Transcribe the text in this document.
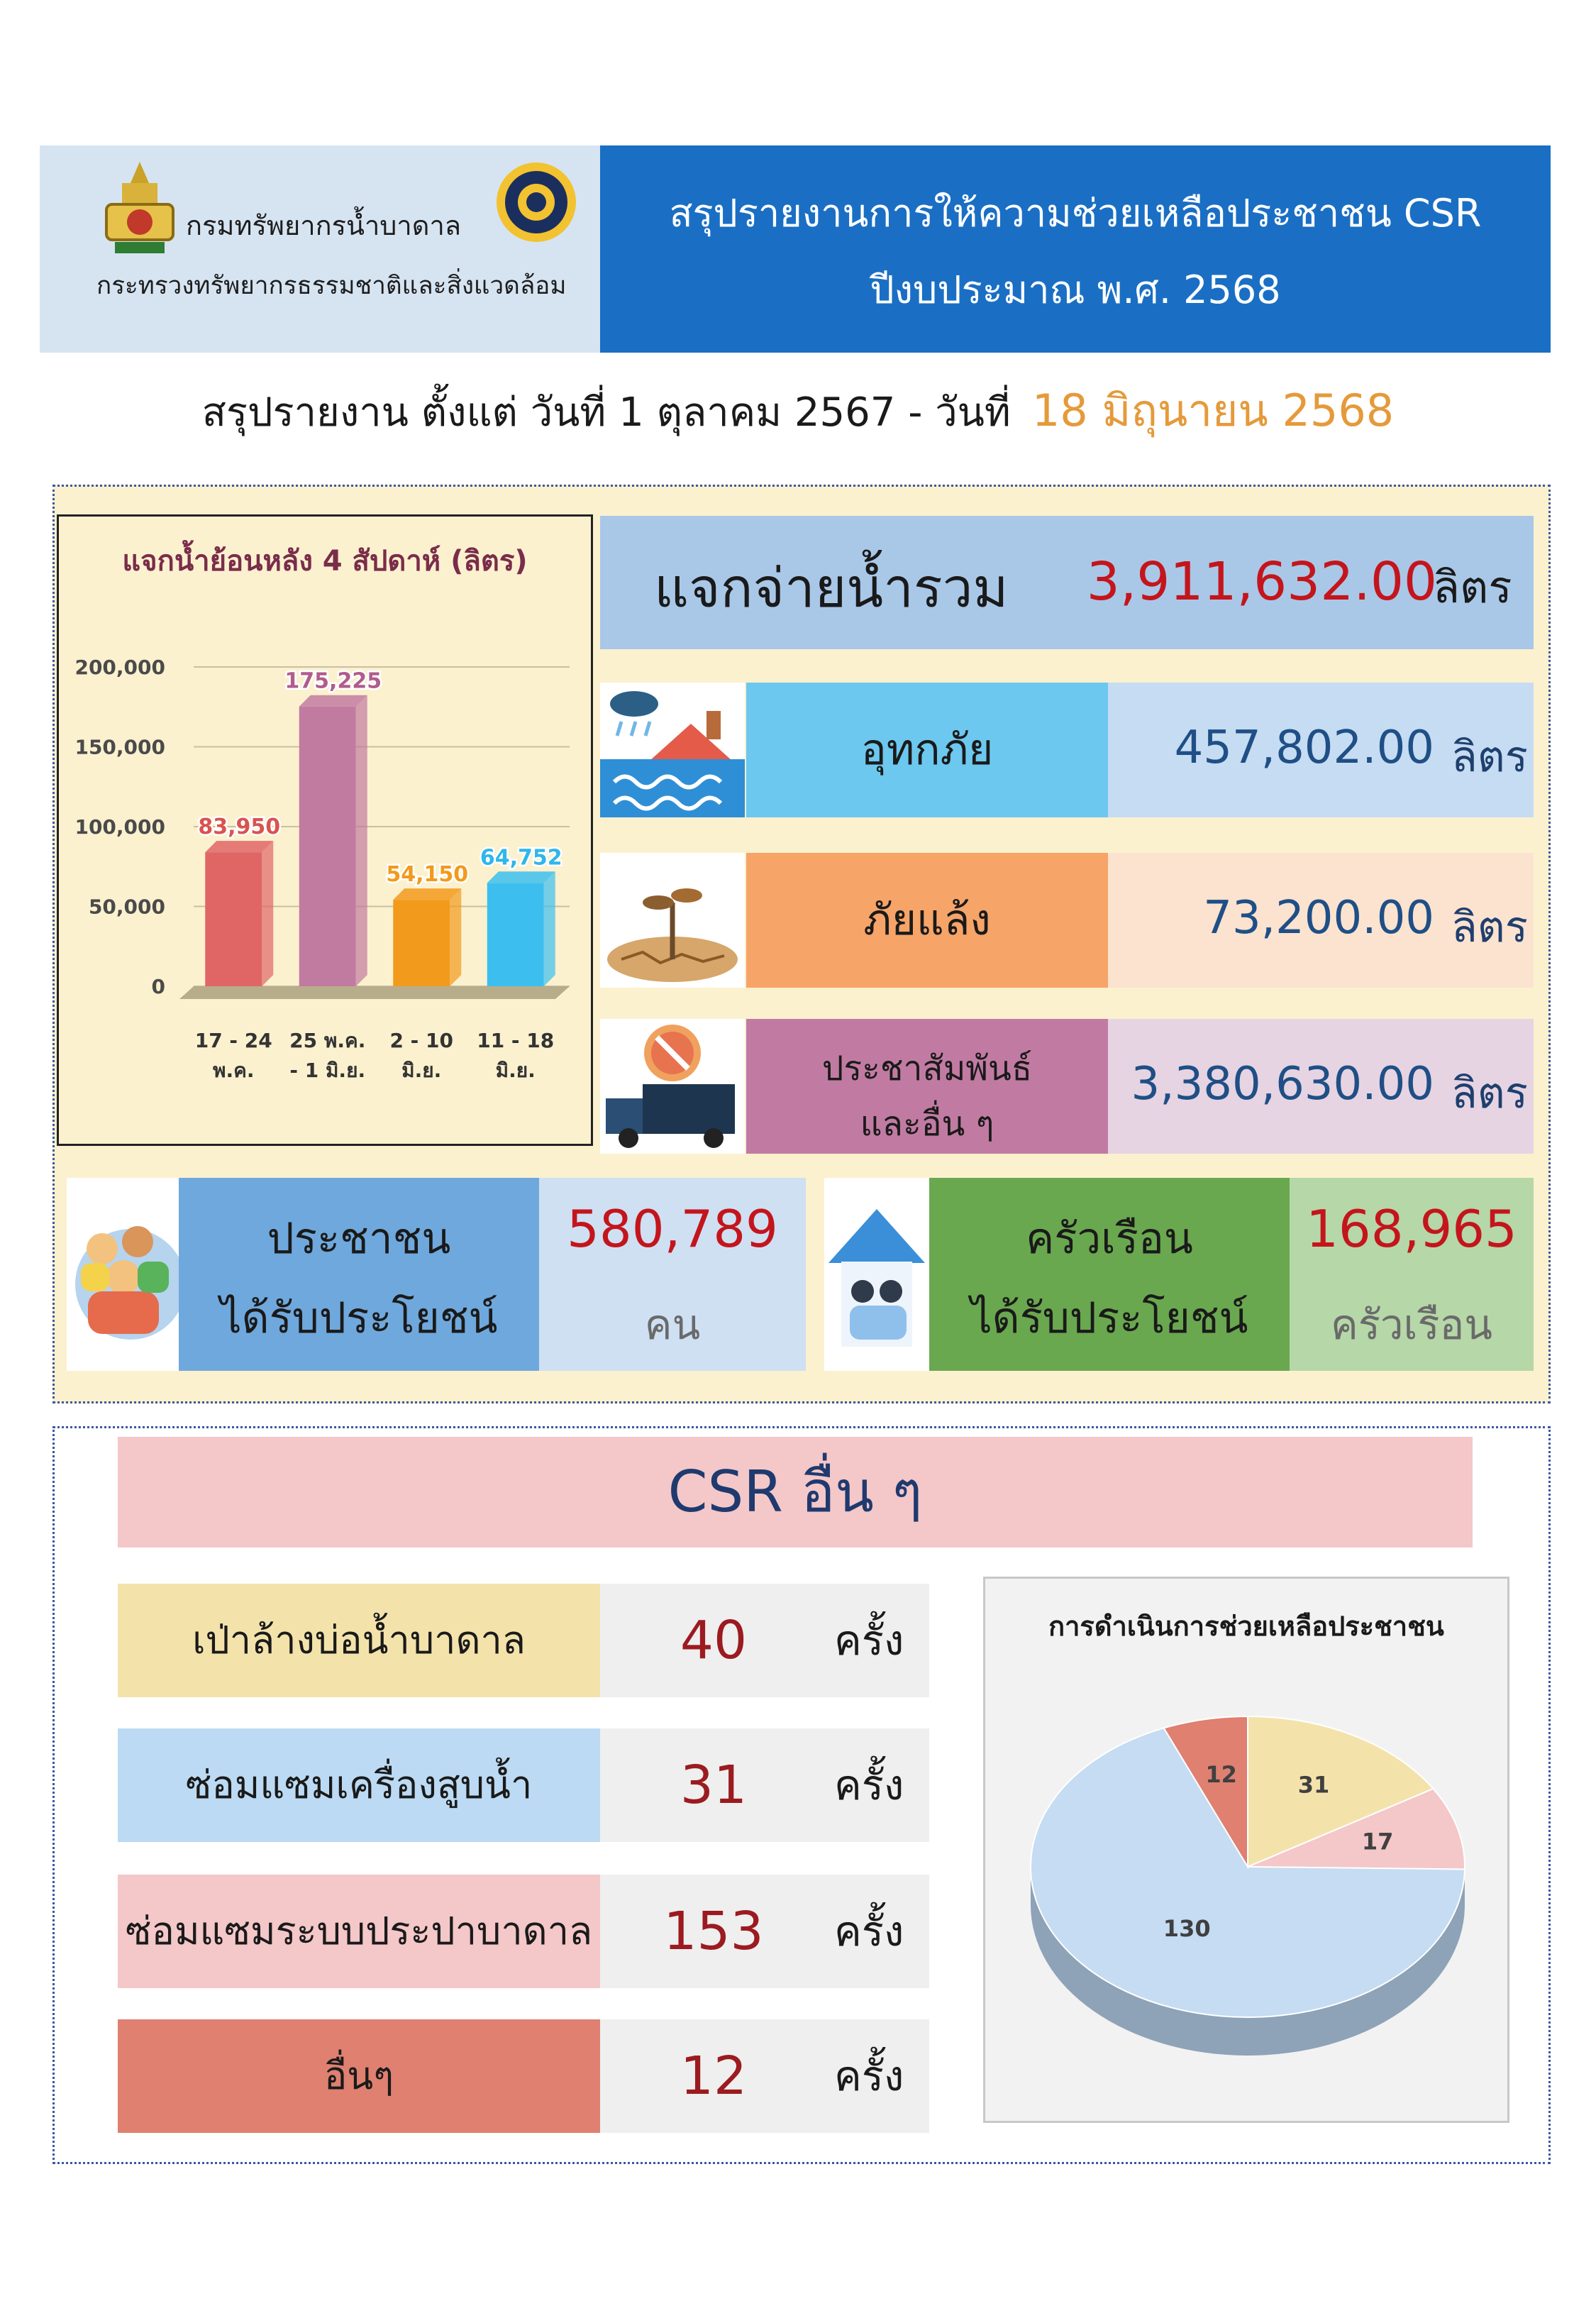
กรมทรัพยากรน้ำบาดาล
กระทรวงทรัพยากรธรรมชาติและสิ่งแวดล้อม
สรุปรายงานการให้ความช่วยเหลือประชาชน CSR
ปีงบประมาณ พ.ศ. 2568
สรุปรายงาน ตั้งแต่ วันที่ 1 ตุลาคม 2567 - วันที่ 18 มิถุนายน 2568
แจกน้ำย้อนหลัง 4 สัปดาห์ (ลิตร)
0
50,000
100,000
150,000
200,000
83,950
17 - 24
พ.ค.
175,225
25 พ.ค.
- 1 มิ.ย.
54,150
2 - 10
มิ.ย.
64,752
11 - 18
มิ.ย.
แจกจ่ายน้ำรวม	3,911,632.00
ลิตร
อุทกภัย	457,802.00 ลิตร
ภัยแล้ง	73,200.00 ลิตร
ประชาสัมพันธ์
และอื่น ๆ
3,380,630.00 ลิตร
ประชาชน
ได้รับประโยชน์
580,789
คน
ครัวเรือน
ได้รับประโยชน์
168,965
ครัวเรือน
CSR อื่น ๆ
เป่าล้างบ่อน้ำบาดาล	40	ครั้ง
ซ่อมแซมเครื่องสูบน้ำ	31	ครั้ง
ซ่อมแซมระบบประปาบาดาล	153	ครั้ง
อื่นๆ	12	ครั้ง
การดำเนินการช่วยเหลือประชาชน
31
17
130
12
